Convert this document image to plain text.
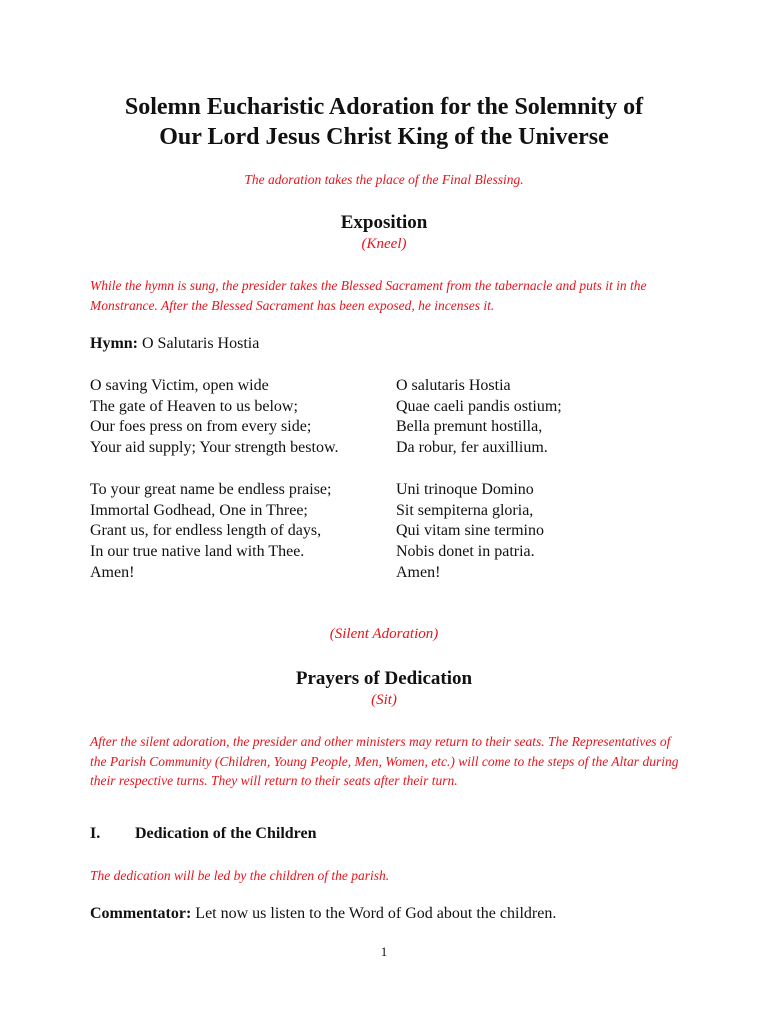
Solemn Eucharistic Adoration for the Solemnity of
Our Lord Jesus Christ King of the Universe
The adoration takes the place of the Final Blessing.
Exposition
(Kneel)
While the hymn is sung, the presider takes the Blessed Sacrament from the tabernacle and puts it in the Monstrance. After the Blessed Sacrament has been exposed, he incenses it.
Hymn: O Salutaris Hostia
O saving Victim, open wide
The gate of Heaven to us below;
Our foes press on from every side;
Your aid supply; Your strength bestow.
O salutaris Hostia
Quae caeli pandis ostium;
Bella premunt hostilla,
Da robur, fer auxillium.
To your great name be endless praise;
Immortal Godhead, One in Three;
Grant us, for endless length of days,
In our true native land with Thee.
Amen!
Uni trinoque Domino
Sit sempiterna gloria,
Qui vitam sine termino
Nobis donet in patria.
Amen!
(Silent Adoration)
Prayers of Dedication
(Sit)
After the silent adoration, the presider and other ministers may return to their seats. The Representatives of the Parish Community (Children, Young People, Men, Women, etc.) will come to the steps of the Altar during their respective turns. They will return to their seats after their turn.
I. Dedication of the Children
The dedication will be led by the children of the parish.
Commentator: Let now us listen to the Word of God about the children.
1
